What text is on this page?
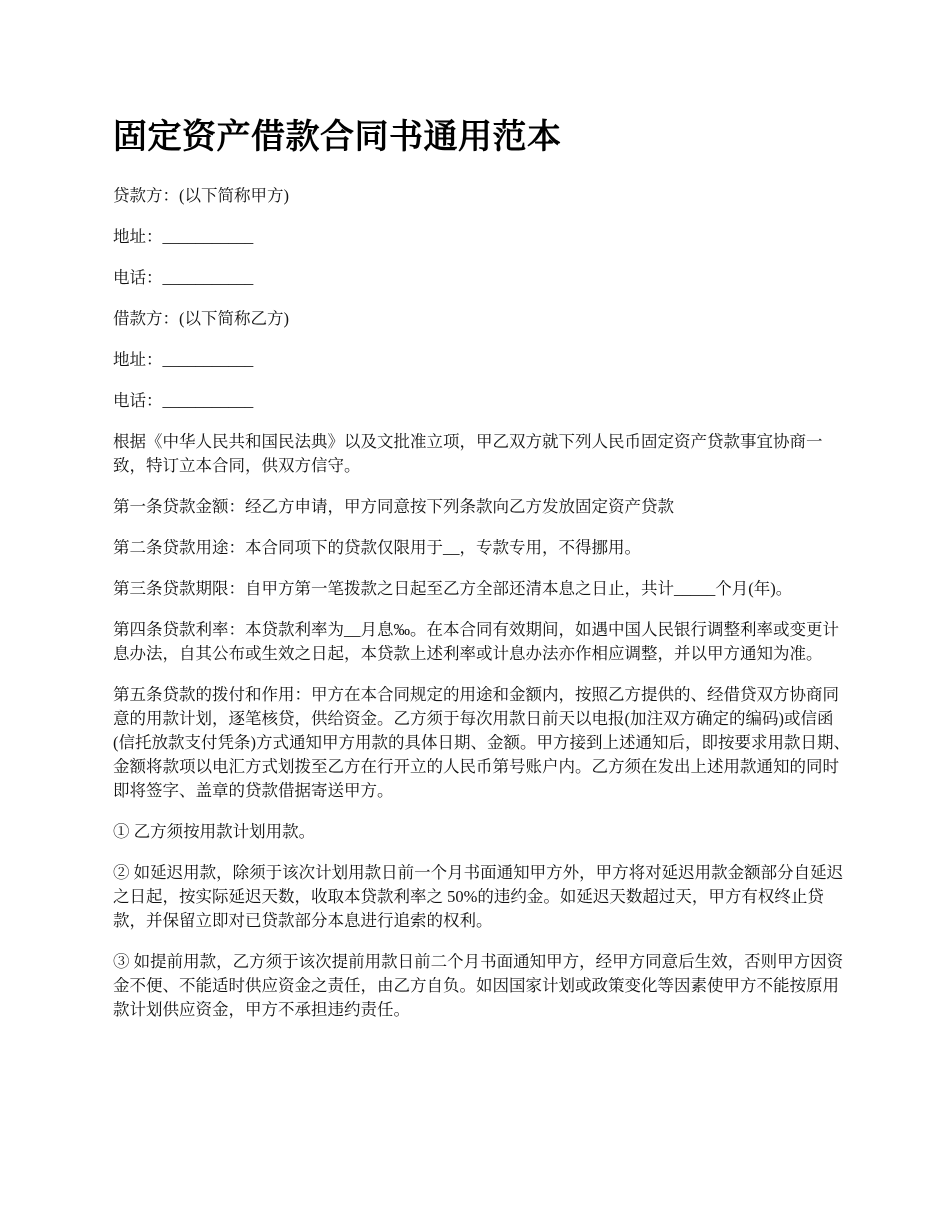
固定资产借款合同书通用范本

贷款方：(以下简称甲方)

地址：___________

电话：___________

借款方：(以下简称乙方)

地址：___________

电话：___________

根据《中华人民共和国民法典》以及文批准立项，甲乙双方就下列人民币固定资产贷款事宜协商一致，特订立本合同，供双方信守。

第一条贷款金额：经乙方申请，甲方同意按下列条款向乙方发放固定资产贷款

第二条贷款用途：本合同项下的贷款仅限用于__，专款专用，不得挪用。

第三条贷款期限：自甲方第一笔拨款之日起至乙方全部还清本息之日止，共计_____个月(年)。

第四条贷款利率：本贷款利率为__月息‰。在本合同有效期间，如遇中国人民银行调整利率或变更计息办法，自其公布或生效之日起，本贷款上述利率或计息办法亦作相应调整，并以甲方通知为准。

第五条贷款的拨付和作用：甲方在本合同规定的用途和金额内，按照乙方提供的、经借贷双方协商同意的用款计划，逐笔核贷，供给资金。乙方须于每次用款日前天以电报(加注双方确定的编码)或信函(信托放款支付凭条)方式通知甲方用款的具体日期、金额。甲方接到上述通知后，即按要求用款日期、金额将款项以电汇方式划拨至乙方在行开立的人民币第号账户内。乙方须在发出上述用款通知的同时即将签字、盖章的贷款借据寄送甲方。

① 乙方须按用款计划用款。

② 如延迟用款，除须于该次计划用款日前一个月书面通知甲方外，甲方将对延迟用款金额部分自延迟之日起，按实际延迟天数，收取本贷款利率之 50%的违约金。如延迟天数超过天，甲方有权终止贷款，并保留立即对已贷款部分本息进行追索的权利。

③ 如提前用款，乙方须于该次提前用款日前二个月书面通知甲方，经甲方同意后生效，否则甲方因资金不便、不能适时供应资金之责任，由乙方自负。如因国家计划或政策变化等因素使甲方不能按原用款计划供应资金，甲方不承担违约责任。
